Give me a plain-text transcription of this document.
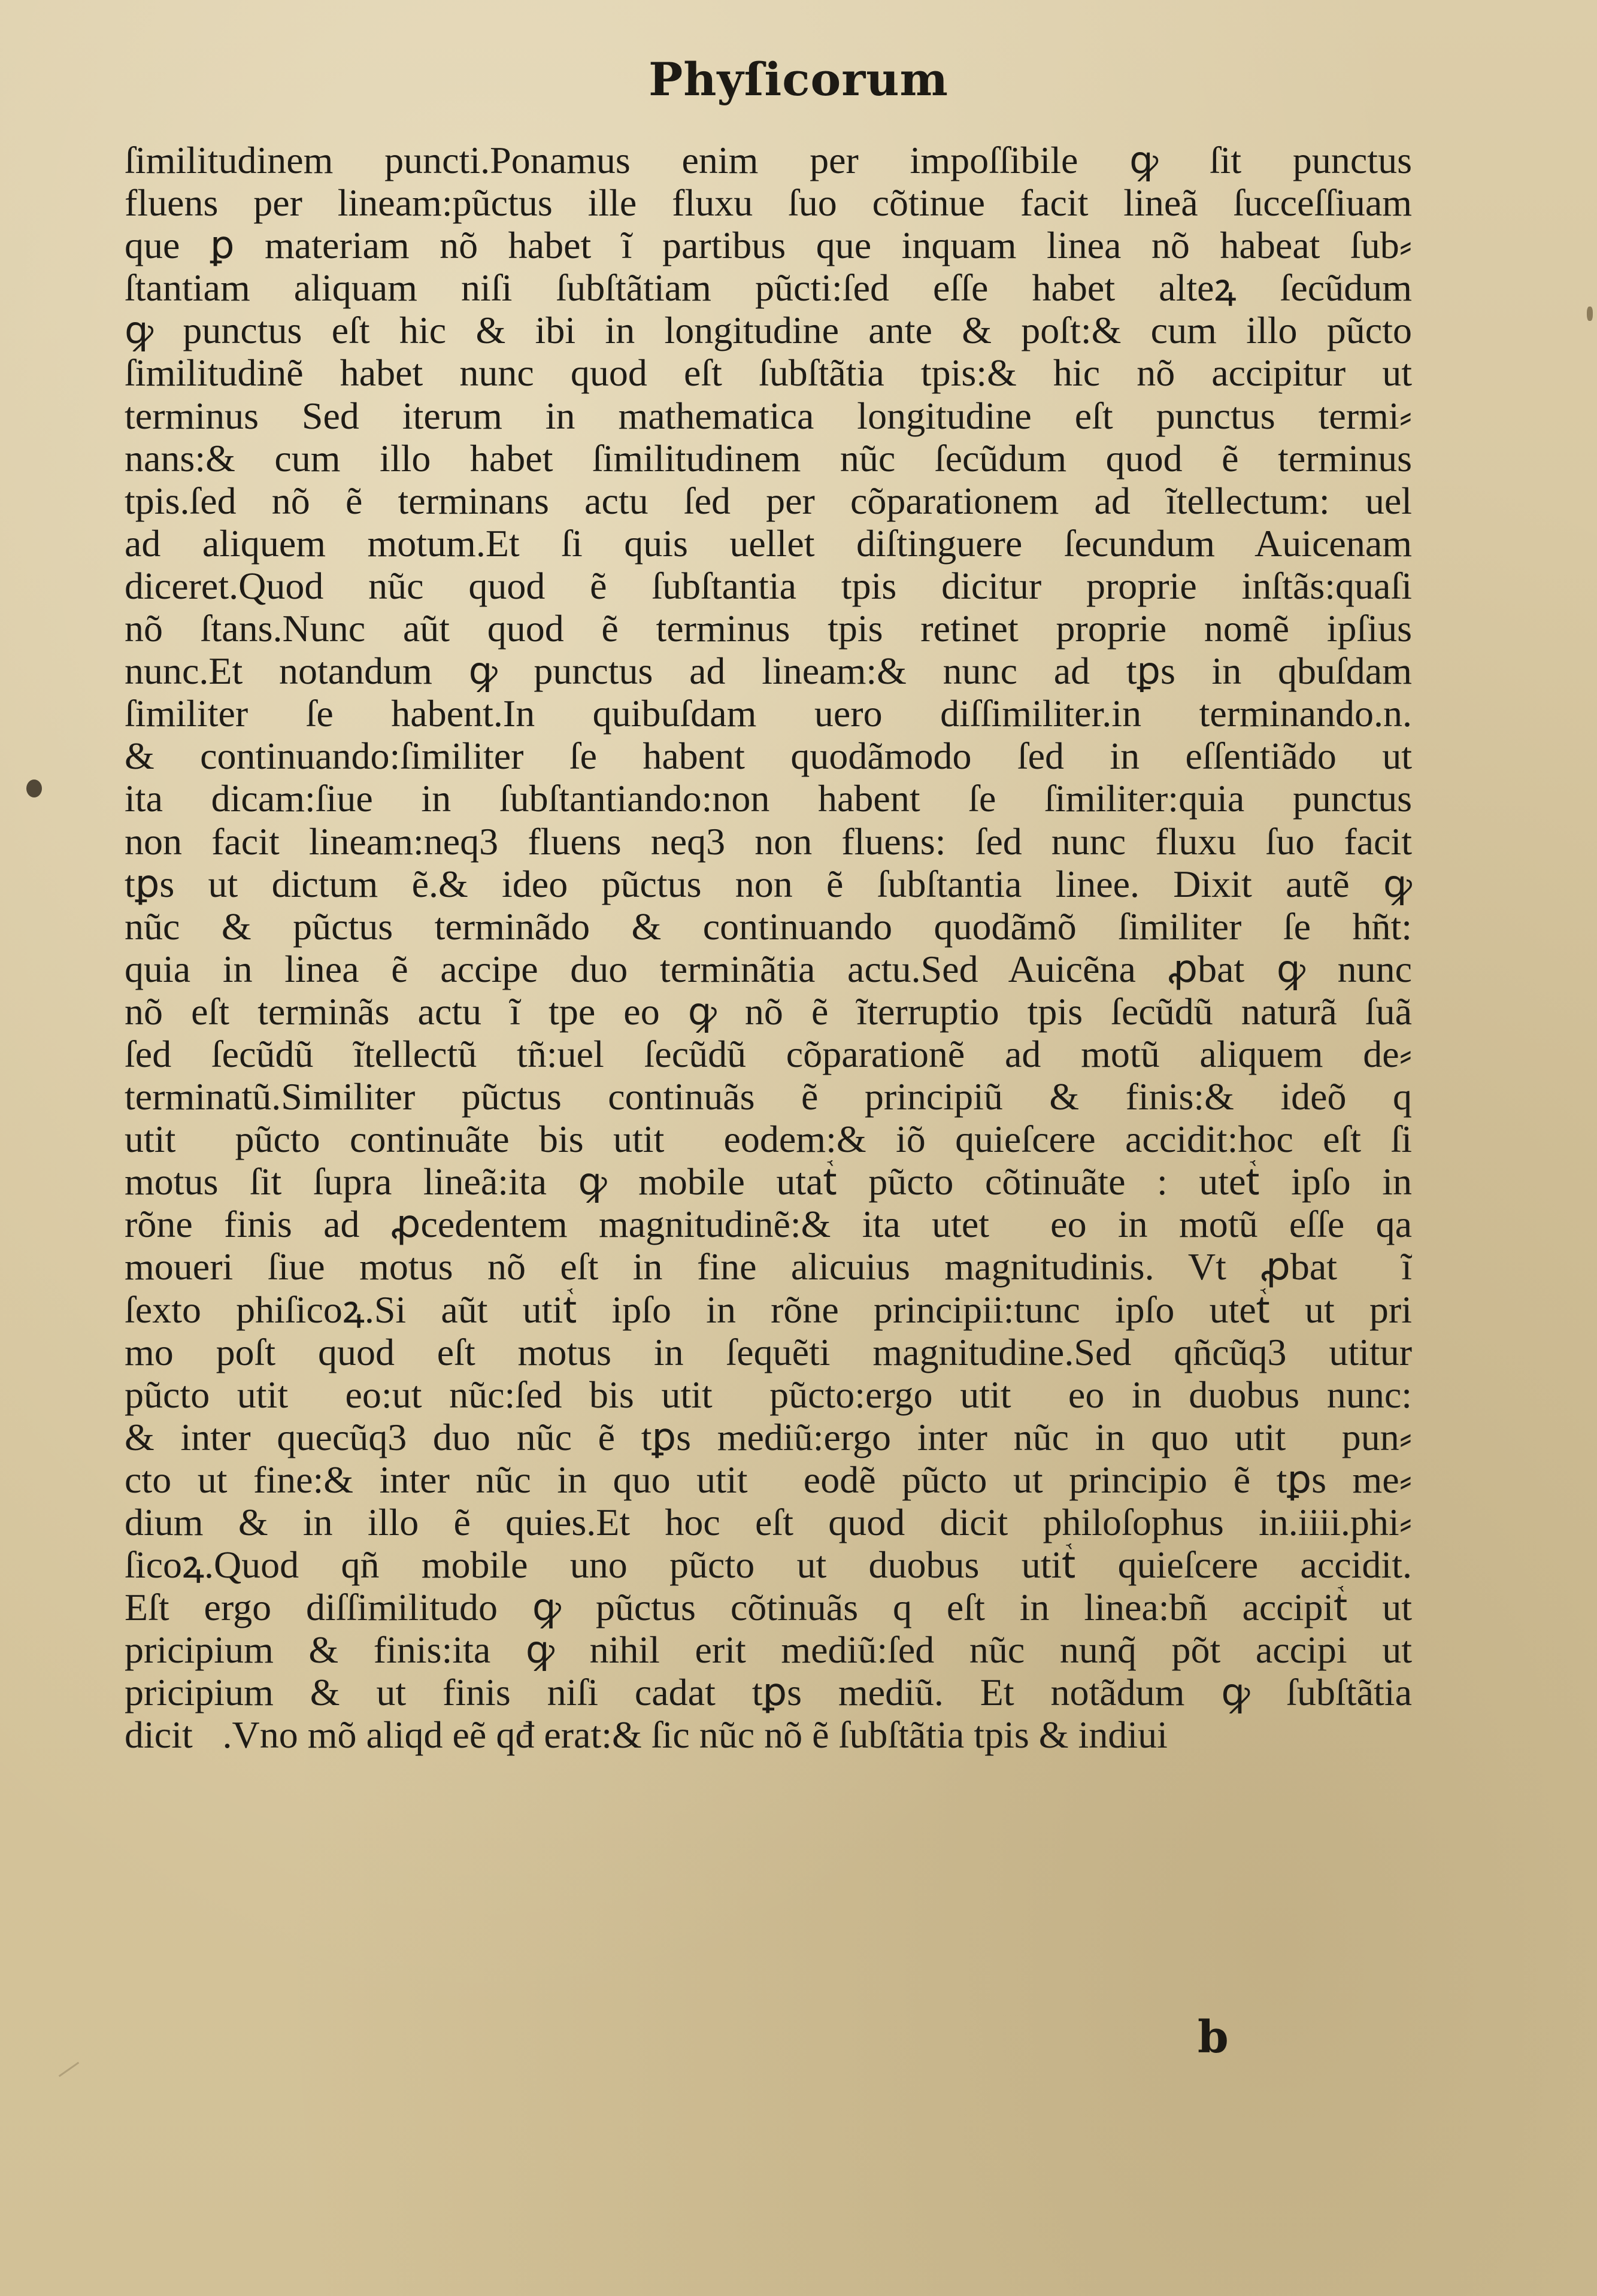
Phyſicorum
ſimilitudinem puncti.Ponamus enim per impoſſibile ꝙ ſit punctus
fluens per lineam:pũctus ille fluxu ſuo cõtinue facit lineã ſucceſſiuam
que ꝑ materiam nõ habet ĩ partibus que inquam linea nõ habeat ſub⸗
ſtantiam aliquam niſi ſubſtãtiam pũcti:ſed eſſe habet alteꝝ ſecũdum
ꝙ punctus eſt hic & ibi in longitudine ante & poſt:& cum illo pũcto
ſimilitudinẽ habet nunc quod eſt ſubſtãtia tpis:& hic nõ accipitur ut
terminus Sed iterum in mathematica longitudine eſt punctus termi⸗
nans:& cum illo habet ſimilitudinem nũc ſecũdum quod ẽ terminus
tpis.ſed nõ ẽ terminans actu ſed per cõparationem ad ĩtellectum: uel
ad aliquem motum.Et ſi quis uellet diſtinguere ſecundum Auicenam
diceret.Quod nũc quod ẽ ſubſtantia tpis dicitur proprie inſtãs:quaſi
nõ ſtans.Nunc aũt quod ẽ terminus tpis retinet proprie nomẽ ipſius
nunc.Et notandum ꝙ punctus ad lineam:& nunc ad tꝑs in qbuſdam
ſimiliter ſe habent.In quibuſdam uero diſſimiliter.in terminando.n.
& continuando:ſimiliter ſe habent quodãmodo ſed in eſſentiãdo ut
ita dicam:ſiue in ſubſtantiando:non habent ſe ſimiliter:quia punctus
non facit lineam:neq3 fluens neq3 non fluens: ſed nunc fluxu ſuo facit
tꝑs ut dictum ẽ.& ideo pũctus non ẽ ſubſtantia linee. Dixit autẽ ꝙ
nũc & pũctus terminãdo & continuando quodãmõ ſimiliter ſe hñt:
quia in linea ẽ accipe duo terminãtia actu.Sed Auicẽna ꝓbat ꝙ nunc
nõ eſt terminãs actu ĩ tpe eo ꝙ nõ ẽ ĩterruptio tpis ſecũdũ naturã ſuã
ſed ſecũdũ ĩtellectũ tñ:uel ſecũdũ cõparationẽ ad motũ aliquem de⸗
terminatũ.Similiter pũctus continuãs ẽ principiũ & finis:& ideõ q
utitᷣ pũcto continuãte bis utitᷣ eodem:& iõ quieſcere accidit:hoc eſt ſi
motus ſit ſupra lineã:ita ꝙ mobile utatᷣ pũcto cõtinuãte : utetᷣ ipſo in
rõne finis ad ꝓcedentem magnitudinẽ:& ita utetᷣ eo in motũ eſſe qa
moueri ſiue motus nõ eſt in fine alicuius magnitudinis. Vt ꝓbatᷣ ĩ
ſexto phiſicoꝝ.Si aũt utitᷣ ipſo in rõne principii:tunc ipſo utetᷣ ut pri
mo poſt quod eſt motus in ſequẽti magnitudine.Sed qñcũq3 utitur
pũcto utitᷣ eo:ut nũc:ſed bis utitᷣ pũcto:ergo utitᷣ eo in duobus nunc:
& inter quecũq3 duo nũc ẽ tꝑs mediũ:ergo inter nũc in quo utitᷣ pun⸗
cto ut fine:& inter nũc in quo utitᷣ eodẽ pũcto ut principio ẽ tꝑs me⸗
dium & in illo ẽ quies.Et hoc eſt quod dicit philoſophus in.iiii.phi⸗
ſicoꝝ.Quod qñ mobile uno pũcto ut duobus utitᷣ quieſcere accidit.
Eſt ergo diſſimilitudo ꝙ pũctus cõtinuãs q eſt in linea:bñ accipitᷣ ut
pricipium & finis:ita ꝙ nihil erit mediũ:ſed nũc nunq̃ põt accipi ut
pricipium & ut finis niſi cadat tꝑs mediũ. Et notãdum ꝙ ſubſtãtia
dicitᷣ.Vno mõ aliqd eẽ qđ erat:& ſic nũc nõ ẽ ſubſtãtia tpis & indiui
b
